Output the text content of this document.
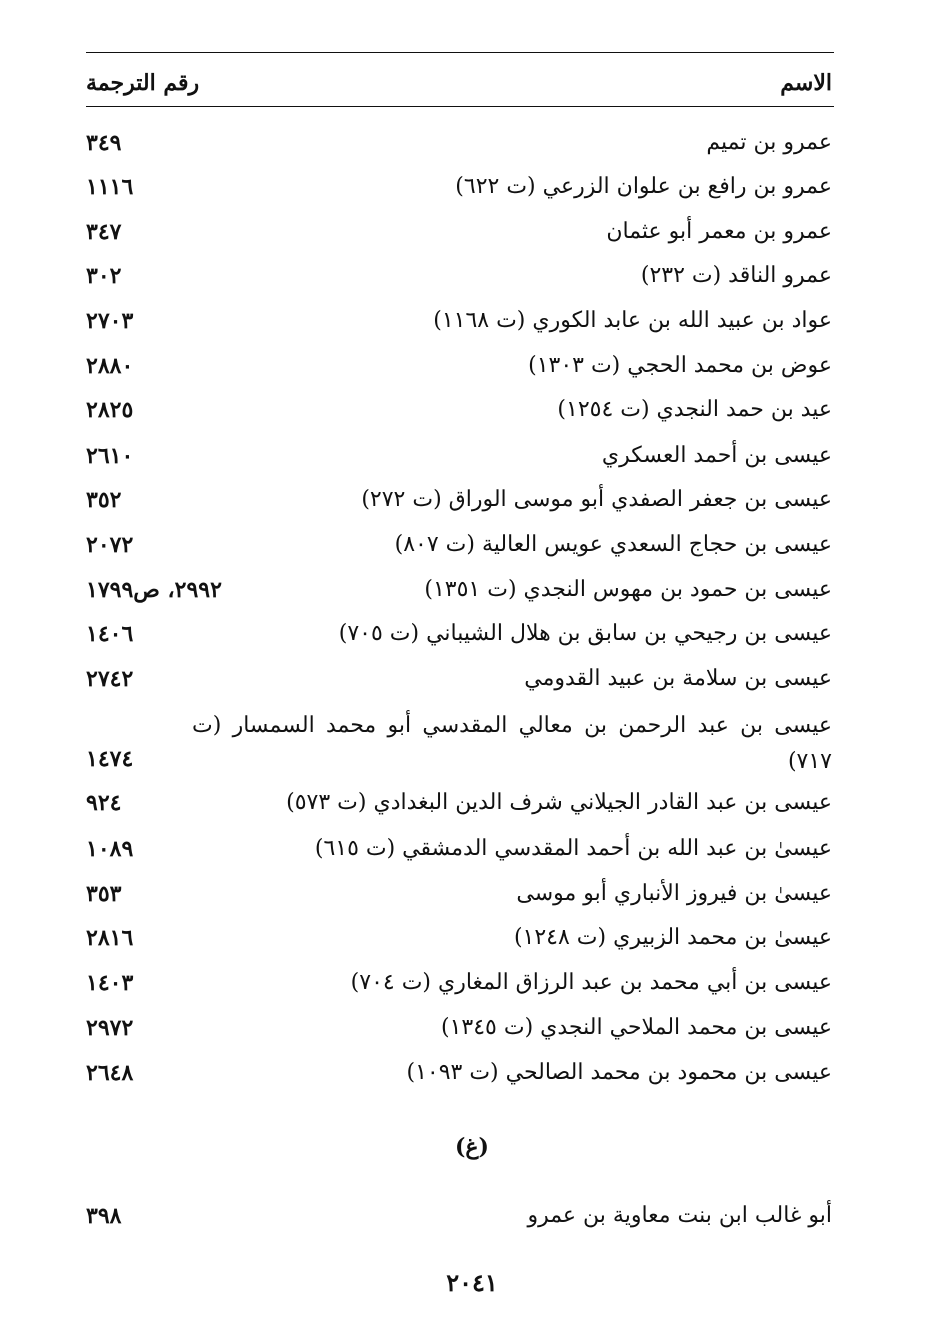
الاسم
رقم الترجمة
عمرو بن تميم
٣٤٩
عمرو بن رافع بن علوان الزرعي (ت ٦٢٢)
١١١٦
عمرو بن معمر أبو عثمان
٣٤٧
عمرو الناقد (ت ٢٣٢)
٣٠٢
عواد بن عبيد الله بن عابد الكوري (ت ١١٦٨)
٢٧٠٣
عوض بن محمد الحجي (ت ١٣٠٣)
٢٨٨٠
عيد بن حمد النجدي (ت ١٢٥٤)
٢٨٢٥
عيسى بن أحمد العسكري
٢٦١٠
عيسى بن جعفر الصفدي أبو موسى الوراق (ت ٢٧٢)
٣٥٢
عيسى بن حجاج السعدي عويس العالية (ت ٨٠٧)
٢٠٧٢
عيسى بن حمود بن مهوس النجدي (ت ١٣٥١)
٢٩٩٢، ص١٧٩٩
عيسى بن رجيحي بن سابق بن هلال الشيباني (ت ٧٠٥)
١٤٠٦
عيسى بن سلامة بن عبيد القدومي
٢٧٤٢
عيسى بن عبد الرحمن بن معالي المقدسي أبو محمد السمسار (ت ٧١٧)
١٤٧٤
عيسى بن عبد القادر الجيلاني شرف الدين البغدادي (ت ٥٧٣)
٩٢٤
عيسىٰ بن عبد الله بن أحمد المقدسي الدمشقي (ت ٦١٥)
١٠٨٩
عيسىٰ بن فيروز الأنباري أبو موسى
٣٥٣
عيسىٰ بن محمد الزبيري (ت ١٢٤٨)
٢٨١٦
عيسى بن أبي محمد بن عبد الرزاق المغاري (ت ٧٠٤)
١٤٠٣
عيسى بن محمد الملاحي النجدي (ت ١٣٤٥)
٢٩٧٢
عيسى بن محمود بن محمد الصالحي (ت ١٠٩٣)
٢٦٤٨
(غ)
أبو غالب ابن بنت معاوية بن عمرو
٣٩٨
٢٠٤١
